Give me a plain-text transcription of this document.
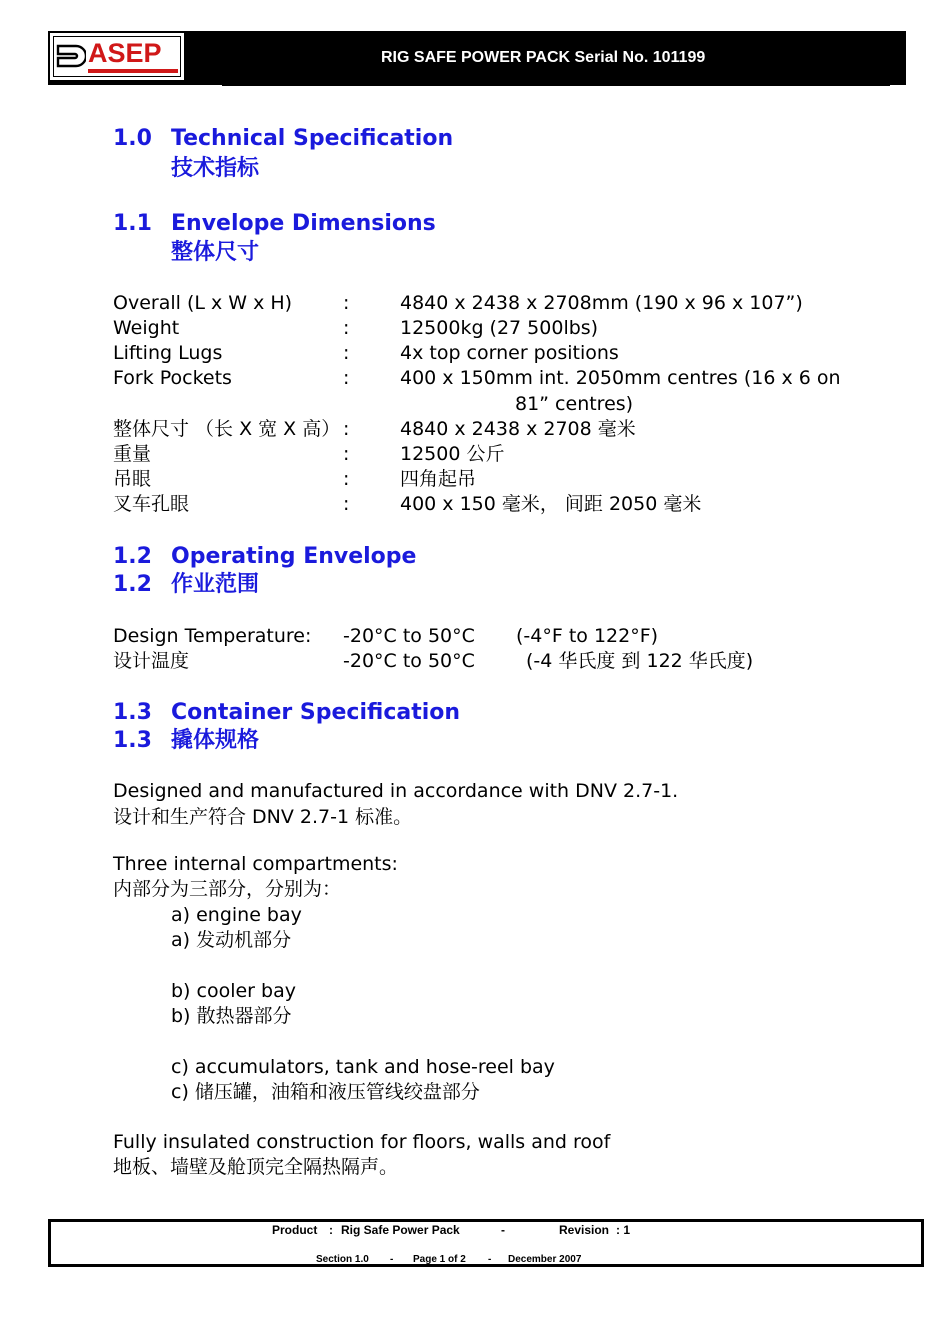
ASEP	RIG SAFE POWER PACK Serial No. 101199
1.0 Technical Specification
技术指标
1.1 Envelope Dimensions
整体尺寸
Overall (L x W x H)	:	4840 x 2438 x 2708mm (190 x 96 x 107”)
Weight	:	12500kg (27 500lbs)
Lifting Lugs	:	4x top corner positions
Fork Pockets	:	400 x 150mm int. 2050mm centres (16 x 6 on
81” centres)
整体尺寸 （长 X 宽 X 高） :	4840 x 2438 x 2708 毫米
重量	:	12500 公斤
吊眼	:	四角起吊
叉车孔眼	:	400 x 150 毫米， 间距 2050 毫米
1.2 Operating Envelope
1.2 作业范围
Design Temperature: -20°C to 50°C (-4°F to 122°F)
设计温度	-20°C to 50°C	(-4 华氏度 到 122 华氏度)
1.3 Container Specification
1.3 撬体规格
Designed and manufactured in accordance with DNV 2.7-1.
设计和生产符合 DNV 2.7-1 标准。
Three internal compartments:
内部分为三部分，分别为：
a) engine bay
a) 发动机部分
b) cooler bay
b) 散热器部分
c) accumulators, tank and hose-reel bay
c) 储压罐，油箱和液压管线绞盘部分
Fully insulated construction for floors, walls and roof
地板、墙壁及舱顶完全隔热隔声。
Product : Rig Safe Power Pack	-	Revision : 1
Section 1.0 - Page 1 of 2 - December 2007
